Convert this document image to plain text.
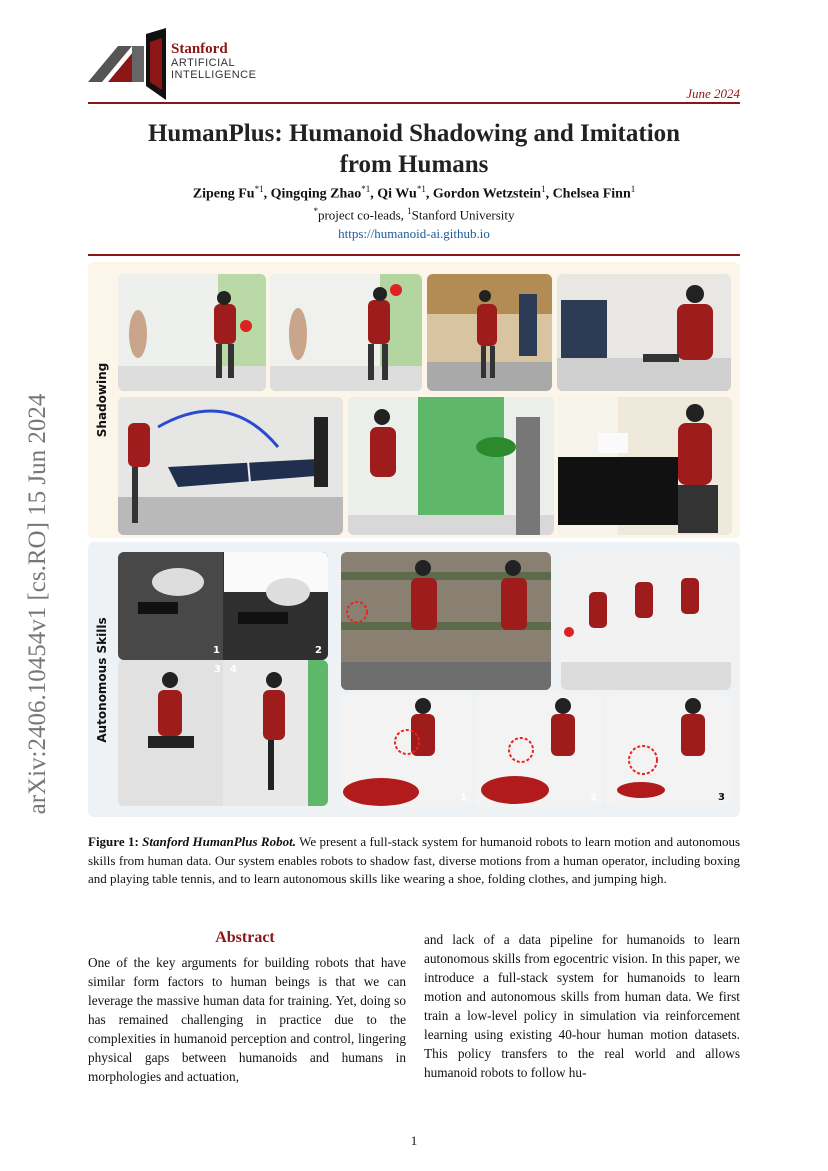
Stanford
ARTIFICIAL
INTELLIGENCE
June 2024
HumanPlus: Humanoid Shadowing and Imitation
from Humans
Zipeng Fu$^{*1}$, Qingqing Zhao$^{*1}$, Qi Wu$^{*1}$, Gordon Wetzstein$^1$, Chelsea Finn$^1$
*project co-leads, $^1$Stanford University
https://humanoid-ai.github.io
arXiv:2406.10454v1 [cs.RO] 15 Jun 2024	Shadowing
Autonomous Skills	1	2
3 4
1	2	3
Figure 1: Stanford HumanPlus Robot. We present a full-stack system for humanoid robots to learn motion and autonomous skills from human data. Our system enables robots to shadow fast, diverse motions from a human operator, including boxing and playing table tennis, and to learn autonomous skills like wearing a shoe, folding clothes, and jumping high.
Abstract
One of the key arguments for building robots that have similar form factors to human beings is that we can leverage the massive human data for training. Yet, doing so has remained challenging in practice due to the complexities in humanoid perception and control, lingering physical gaps between humanoids and humans in morphologies and actuation,
and lack of a data pipeline for humanoids to learn autonomous skills from egocentric vision. In this paper, we introduce a full-stack system for humanoids to learn motion and autonomous skills from human data. We first train a low-level policy in simulation via reinforcement learning using existing 40-hour human motion datasets. This policy transfers to the real world and allows humanoid robots to follow hu-
1
